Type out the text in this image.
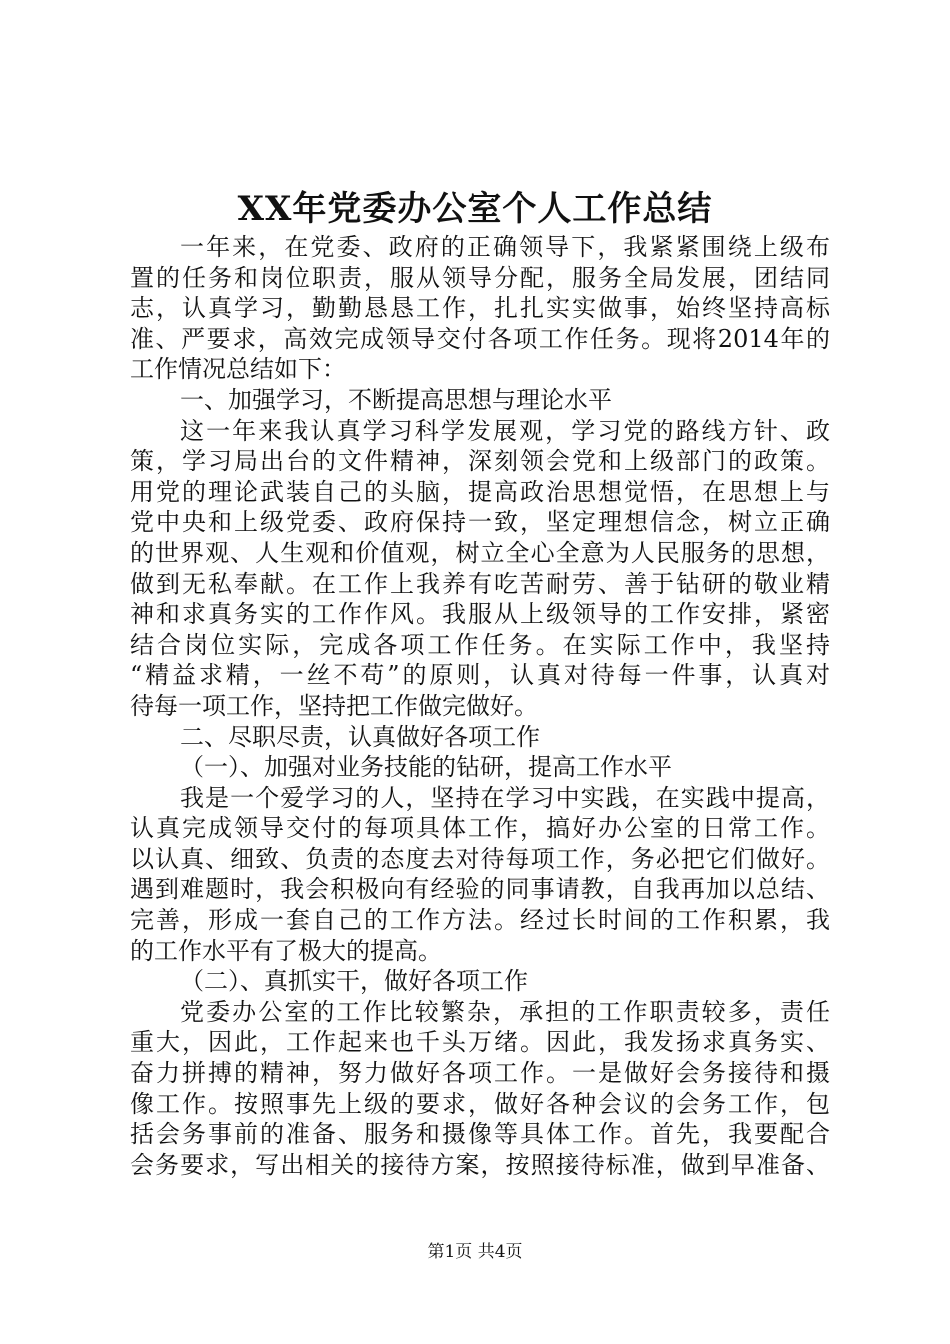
XX年党委办公室个人工作总结
一年来，在党委、政府的正确领导下，我紧紧围绕上级布
置的任务和岗位职责，服从领导分配，服务全局发展，团结同
志，认真学习，勤勤恳恳工作，扎扎实实做事，始终坚持高标
准、严要求，高效完成领导交付各项工作任务。现将2014年的
工作情况总结如下：
一、加强学习，不断提高思想与理论水平
这一年来我认真学习科学发展观，学习党的路线方针、政
策，学习局出台的文件精神，深刻领会党和上级部门的政策。
用党的理论武装自己的头脑，提高政治思想觉悟，在思想上与
党中央和上级党委、政府保持一致，坚定理想信念，树立正确
的世界观、人生观和价值观，树立全心全意为人民服务的思想，
做到无私奉献。在工作上我养有吃苦耐劳、善于钻研的敬业精
神和求真务实的工作作风。我服从上级领导的工作安排，紧密
结合岗位实际，完成各项工作任务。在实际工作中，我坚持
“精益求精，一丝不苟”的原则，认真对待每一件事，认真对
待每一项工作，坚持把工作做完做好。
二、尽职尽责，认真做好各项工作
（一）、加强对业务技能的钻研，提高工作水平
我是一个爱学习的人，坚持在学习中实践，在实践中提高，
认真完成领导交付的每项具体工作，搞好办公室的日常工作。
以认真、细致、负责的态度去对待每项工作，务必把它们做好。
遇到难题时，我会积极向有经验的同事请教，自我再加以总结、
完善，形成一套自己的工作方法。经过长时间的工作积累，我
的工作水平有了极大的提高。
（二）、真抓实干，做好各项工作
党委办公室的工作比较繁杂，承担的工作职责较多，责任
重大，因此，工作起来也千头万绪。因此，我发扬求真务实、
奋力拼搏的精神，努力做好各项工作。一是做好会务接待和摄
像工作。按照事先上级的要求，做好各种会议的会务工作，包
括会务事前的准备、服务和摄像等具体工作。首先，我要配合
会务要求，写出相关的接待方案，按照接待标准，做到早准备、
第1页 共4页
